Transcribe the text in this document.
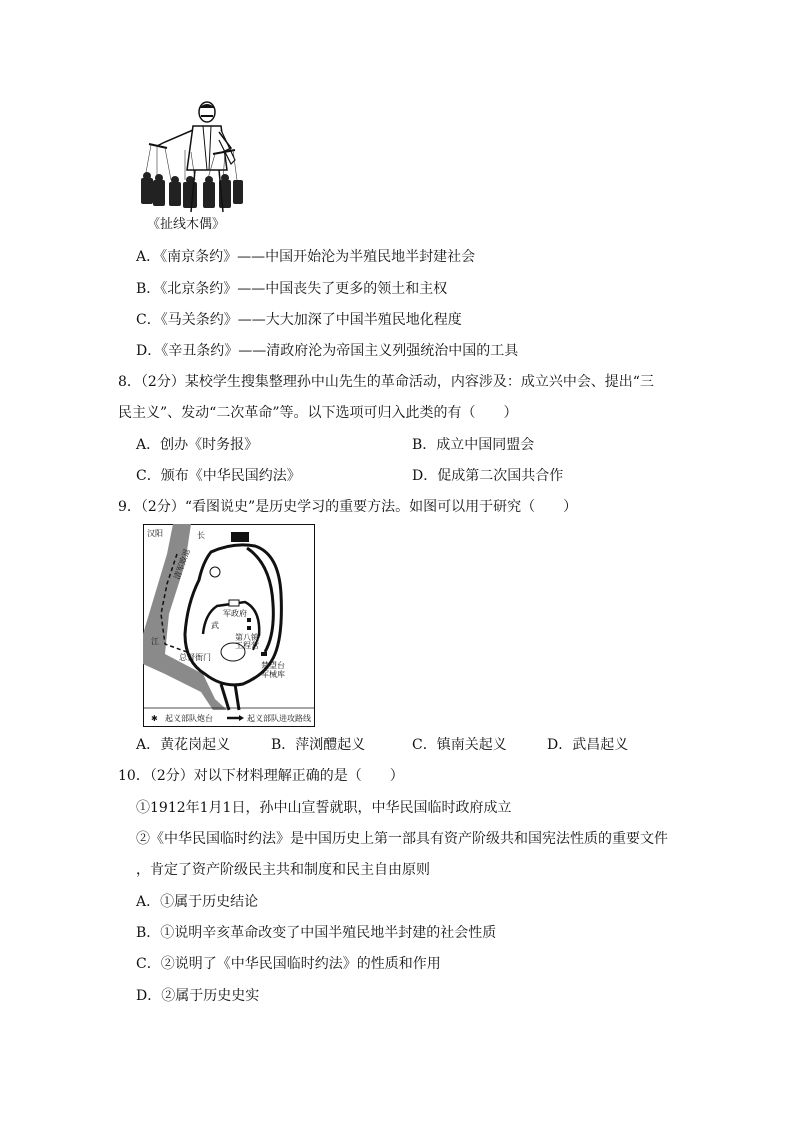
《扯线木偶》
A．《南京条约》——中国开始沦为半殖民地半封建社会
B．《北京条约》——中国丧失了更多的领土和主权
C．《马关条约》——大大加深了中国半殖民地化程度
D．《辛丑条约》——清政府沦为帝国主义列强统治中国的工具
8．（2分）某校学生搜集整理孙中山先生的革命活动，内容涉及：成立兴中会、提出“三
民主义”、发动“二次革命”等。以下选项可归入此类的有（　　）
A．创办《时务报》	B．成立中国同盟会
C．颁布《中华民国约法》	D．促成第二次国共合作
9．（2分）“看图说史”是历史学习的重要方法。如图可以用于研究（　　）
汉阳	长
江
武
军政府
清军败退
第八镇
工程营
总督衙门
楚望台
军械库
✱ 起义部队炮台	起义部队进攻路线
A．黄花岗起义	B．萍浏醴起义	C．镇南关起义	D．武昌起义
10．（2分）对以下材料理解正确的是（　　）
①1912年1月1日，孙中山宣誓就职，中华民国临时政府成立
②《中华民国临时约法》是中国历史上第一部具有资产阶级共和国宪法性质的重要文件
，肯定了资产阶级民主共和制度和民主自由原则
A．①属于历史结论
B．①说明辛亥革命改变了中国半殖民地半封建的社会性质
C．②说明了《中华民国临时约法》的性质和作用
D．②属于历史史实
